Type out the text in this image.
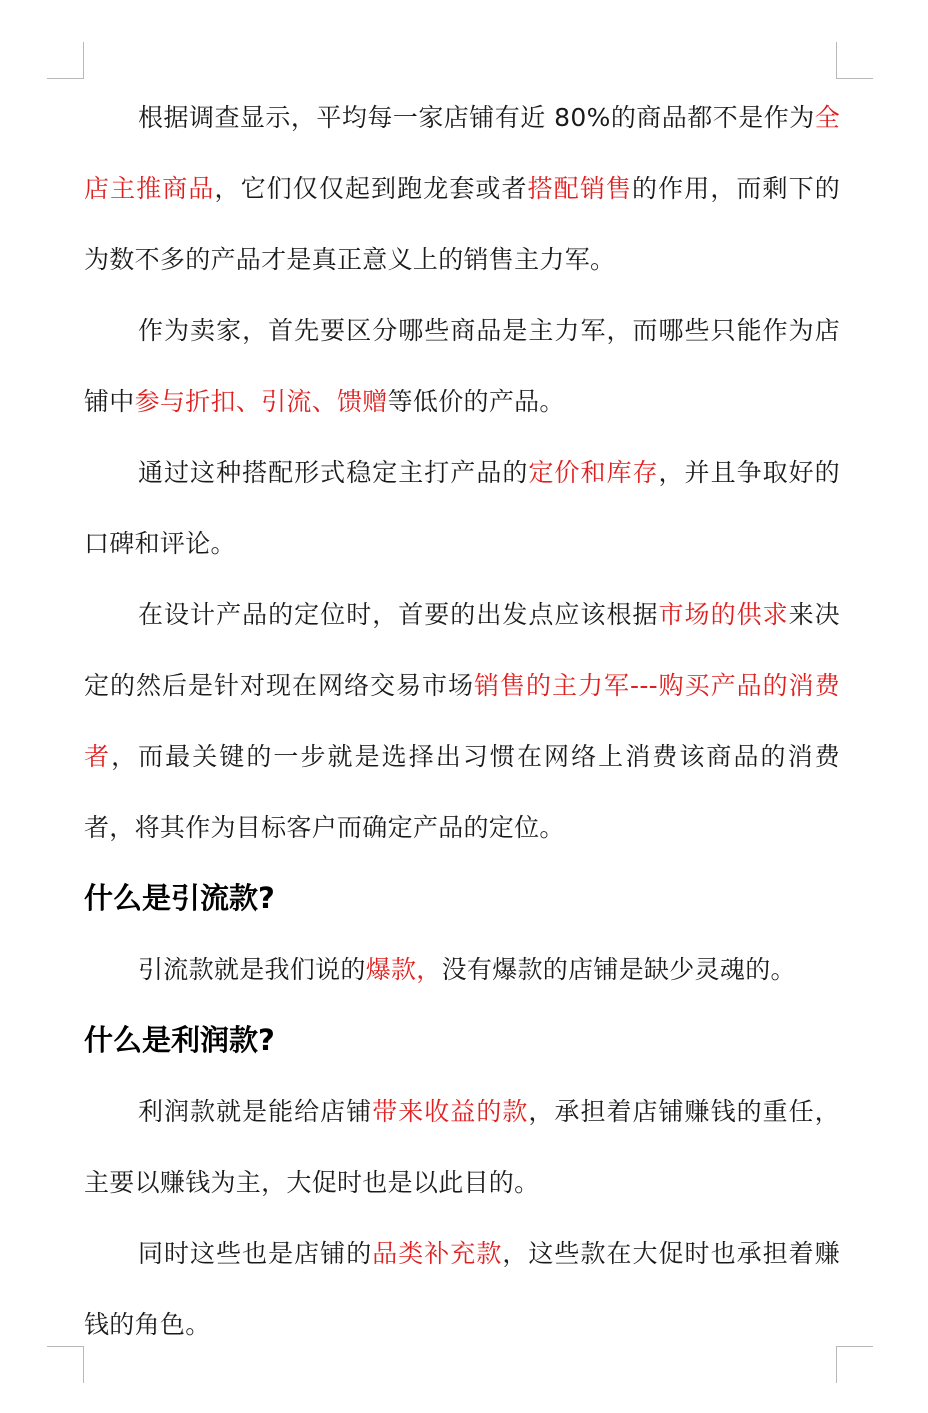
根据调查显示，平均每一家店铺有近 80%的商品都不是作为全店主推商品，它们仅仅起到跑龙套或者搭配销售的作用，而剩下的为数不多的产品才是真正意义上的销售主力军。

作为卖家，首先要区分哪些商品是主力军，而哪些只能作为店铺中参与折扣、引流、馈赠等低价的产品。

通过这种搭配形式稳定主打产品的定价和库存，并且争取好的口碑和评论。

在设计产品的定位时，首要的出发点应该根据市场的供求来决定的然后是针对现在网络交易市场销售的主力军---购买产品的消费者，而最关键的一步就是选择出习惯在网络上消费该商品的消费者，将其作为目标客户而确定产品的定位。

什么是引流款?

引流款就是我们说的爆款，没有爆款的店铺是缺少灵魂的。

什么是利润款?

利润款就是能给店铺带来收益的款，承担着店铺赚钱的重任，主要以赚钱为主，大促时也是以此目的。

同时这些也是店铺的品类补充款，这些款在大促时也承担着赚钱的角色。
